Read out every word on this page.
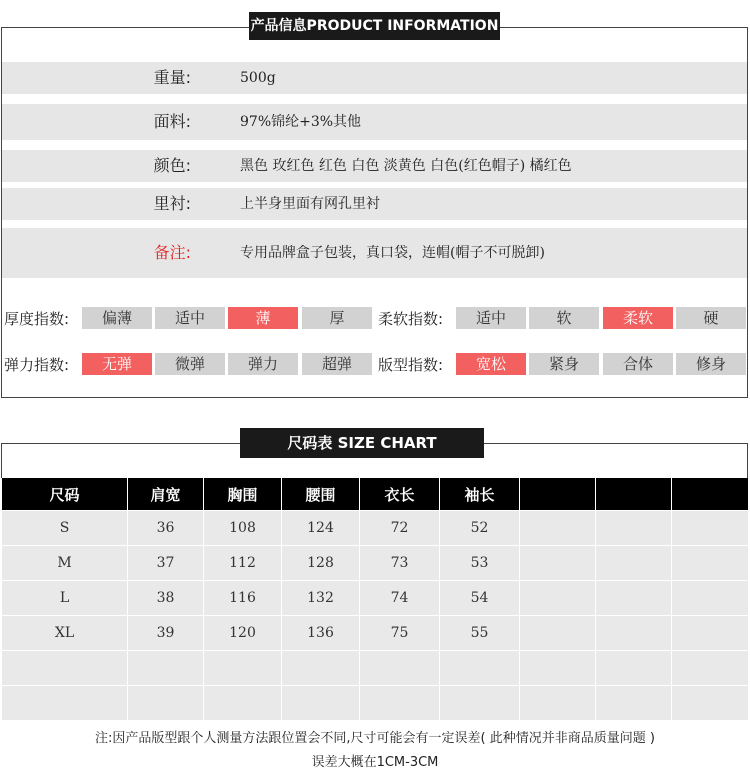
产品信息PRODUCT INFORMATION
重量:	500g
面料:	97%锦纶+3%其他
颜色:	黑色 玫红色 红色 白色 淡黄色 白色(红色帽子) 橘红色
里衬:	上半身里面有网孔里衬
备注:	专用品牌盒子包装，真口袋，连帽(帽子不可脱卸)
厚度指数:	偏薄	适中	薄	厚	柔软指数:	适中	软	柔软	硬
弹力指数:	无弹	微弹	弹力	超弹	版型指数:	宽松	紧身	合体	修身
尺码表 SIZE CHART
尺码	肩宽	胸围	腰围	衣长	袖长			
S	36	108	124	72	52			
M	37	112	128	73	53			
L	38	116	132	74	54			
XL	39	120	136	75	55			

注:因产品版型跟个人测量方法跟位置会不同,尺寸可能会有一定误差( 此种情况并非商品质量问题 )
误差大概在1CM-3CM
